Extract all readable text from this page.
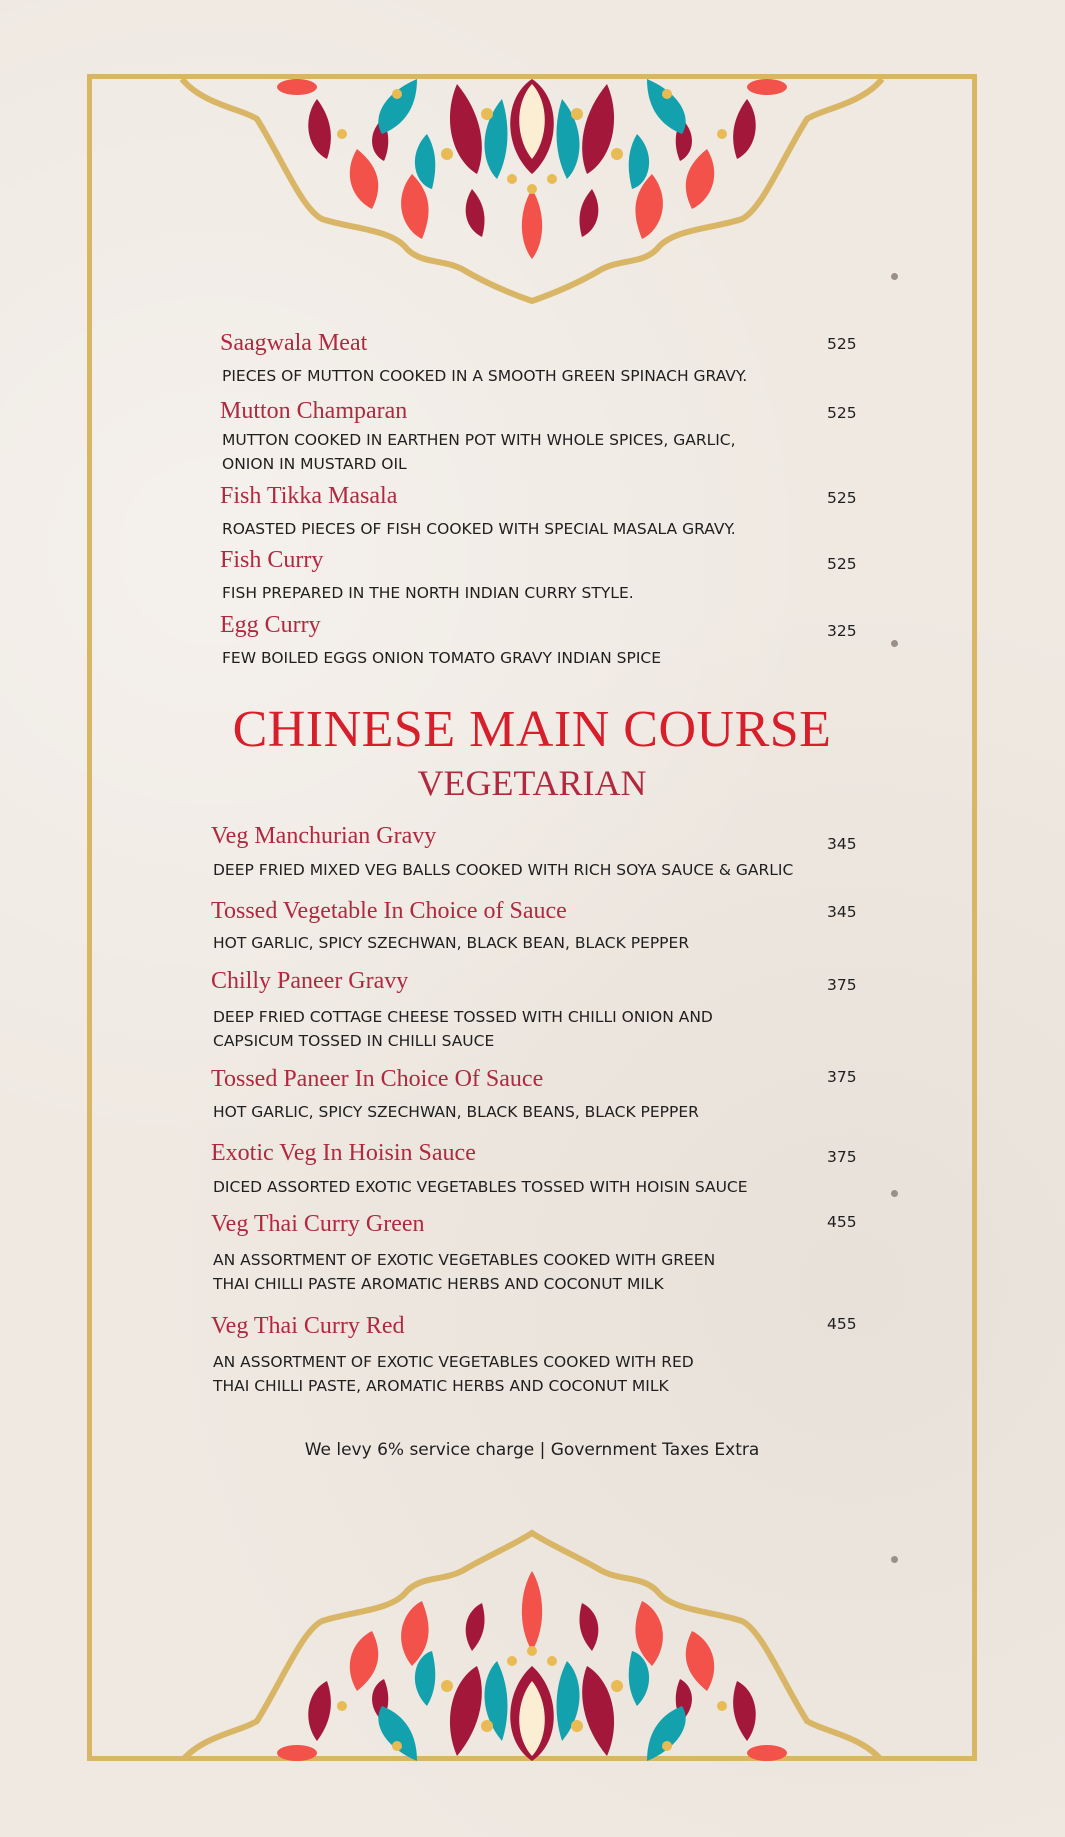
Saagwala Meat
PIECES OF MUTTON COOKED IN A SMOOTH GREEN SPINACH GRAVY.
525
Mutton Champaran
MUTTON COOKED IN EARTHEN POT WITH WHOLE SPICES, GARLIC, ONION IN MUSTARD OIL
525
Fish Tikka Masala
ROASTED PIECES OF FISH COOKED WITH SPECIAL MASALA GRAVY.
525
Fish Curry
FISH PREPARED IN THE NORTH INDIAN CURRY STYLE.
525
Egg Curry
FEW BOILED EGGS ONION TOMATO GRAVY INDIAN SPICE
325
CHINESE MAIN COURSE
VEGETARIAN
Veg Manchurian Gravy
DEEP FRIED MIXED VEG BALLS COOKED WITH RICH SOYA SAUCE & GARLIC
345
Tossed Vegetable In Choice of Sauce
HOT GARLIC, SPICY SZECHWAN, BLACK BEAN, BLACK PEPPER
345
Chilly Paneer Gravy
DEEP FRIED COTTAGE CHEESE TOSSED WITH CHILLI ONION AND CAPSICUM TOSSED IN CHILLI SAUCE
375
Tossed Paneer In Choice Of Sauce
HOT GARLIC, SPICY SZECHWAN, BLACK BEANS, BLACK PEPPER
375
Exotic Veg In Hoisin Sauce
DICED ASSORTED EXOTIC VEGETABLES TOSSED WITH HOISIN SAUCE
375
Veg Thai Curry Green
AN ASSORTMENT OF EXOTIC VEGETABLES COOKED WITH GREEN THAI CHILLI PASTE AROMATIC HERBS AND COCONUT MILK
455
Veg Thai Curry Red
AN ASSORTMENT OF EXOTIC VEGETABLES COOKED WITH RED THAI CHILLI PASTE, AROMATIC HERBS AND COCONUT MILK
455
We levy 6% service charge | Government Taxes Extra
